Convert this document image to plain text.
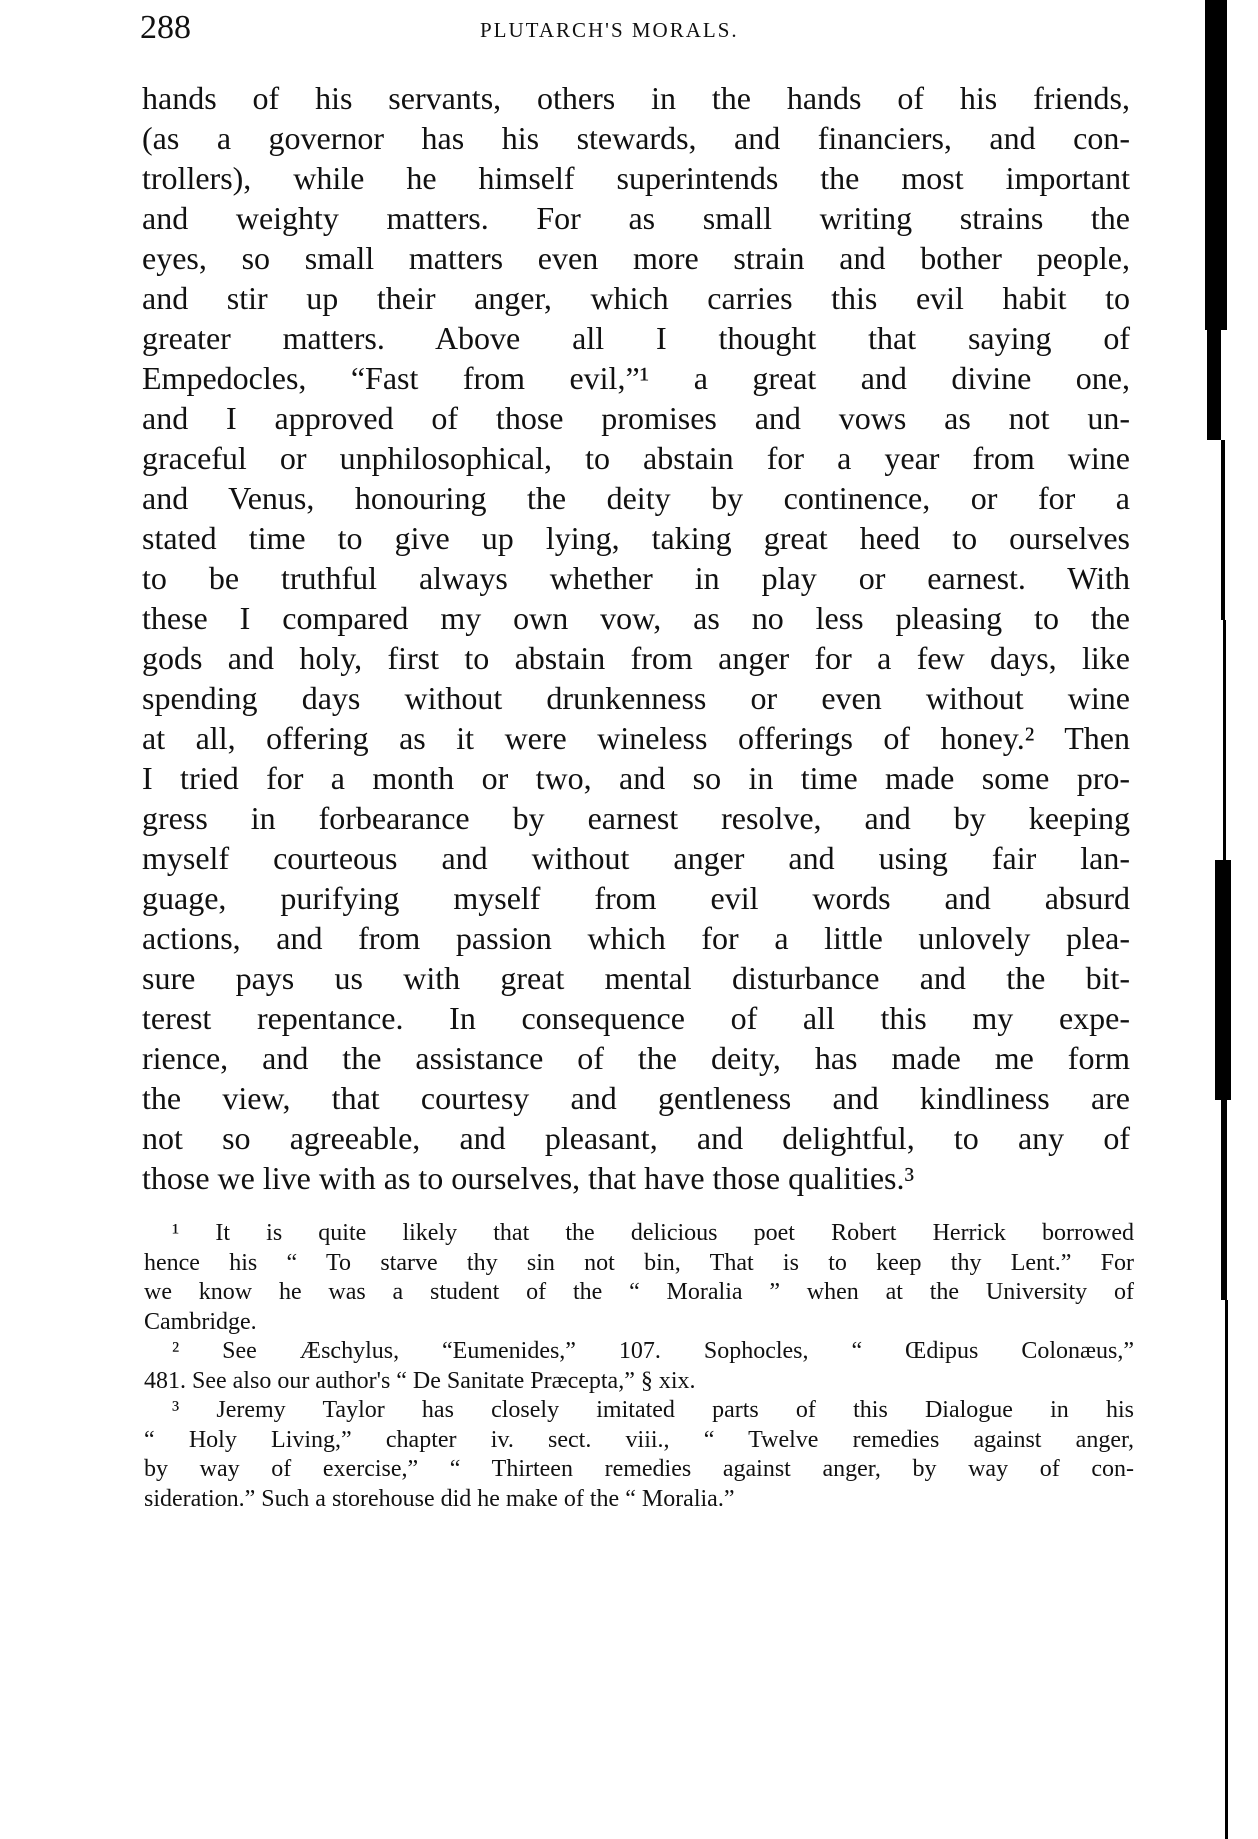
288	PLUTARCH'S MORALS.
hands of his servants, others in the hands of his friends,
(as a governor has his stewards, and financiers, and con-
trollers), while he himself superintends the most important
and weighty matters. For as small writing strains the
eyes, so small matters even more strain and bother people,
and stir up their anger, which carries this evil habit to
greater matters. Above all I thought that saying of
Empedocles, “Fast from evil,”¹ a great and divine one,
and I approved of those promises and vows as not un-
graceful or unphilosophical, to abstain for a year from wine
and Venus, honouring the deity by continence, or for a
stated time to give up lying, taking great heed to ourselves
to be truthful always whether in play or earnest. With
these I compared my own vow, as no less pleasing to the
gods and holy, first to abstain from anger for a few days, like
spending days without drunkenness or even without wine
at all, offering as it were wineless offerings of honey.² Then
I tried for a month or two, and so in time made some pro-
gress in forbearance by earnest resolve, and by keeping
myself courteous and without anger and using fair lan-
guage, purifying myself from evil words and absurd
actions, and from passion which for a little unlovely plea-
sure pays us with great mental disturbance and the bit-
terest repentance. In consequence of all this my expe-
rience, and the assistance of the deity, has made me form
the view, that courtesy and gentleness and kindliness are
not so agreeable, and pleasant, and delightful, to any of
those we live with as to ourselves, that have those qualities.³
¹ It is quite likely that the delicious poet Robert Herrick borrowed
hence his “ To starve thy sin not bin, That is to keep thy Lent.” For
we know he was a student of the “ Moralia ” when at the University of
Cambridge.
² See Æschylus, “Eumenides,” 107. Sophocles, “ Œdipus Colonæus,”
481. See also our author's “ De Sanitate Præcepta,” § xix.
³ Jeremy Taylor has closely imitated parts of this Dialogue in his
“ Holy Living,” chapter iv. sect. viii., “ Twelve remedies against anger,
by way of exercise,” “ Thirteen remedies against anger, by way of con-
sideration.” Such a storehouse did he make of the “ Moralia.”
